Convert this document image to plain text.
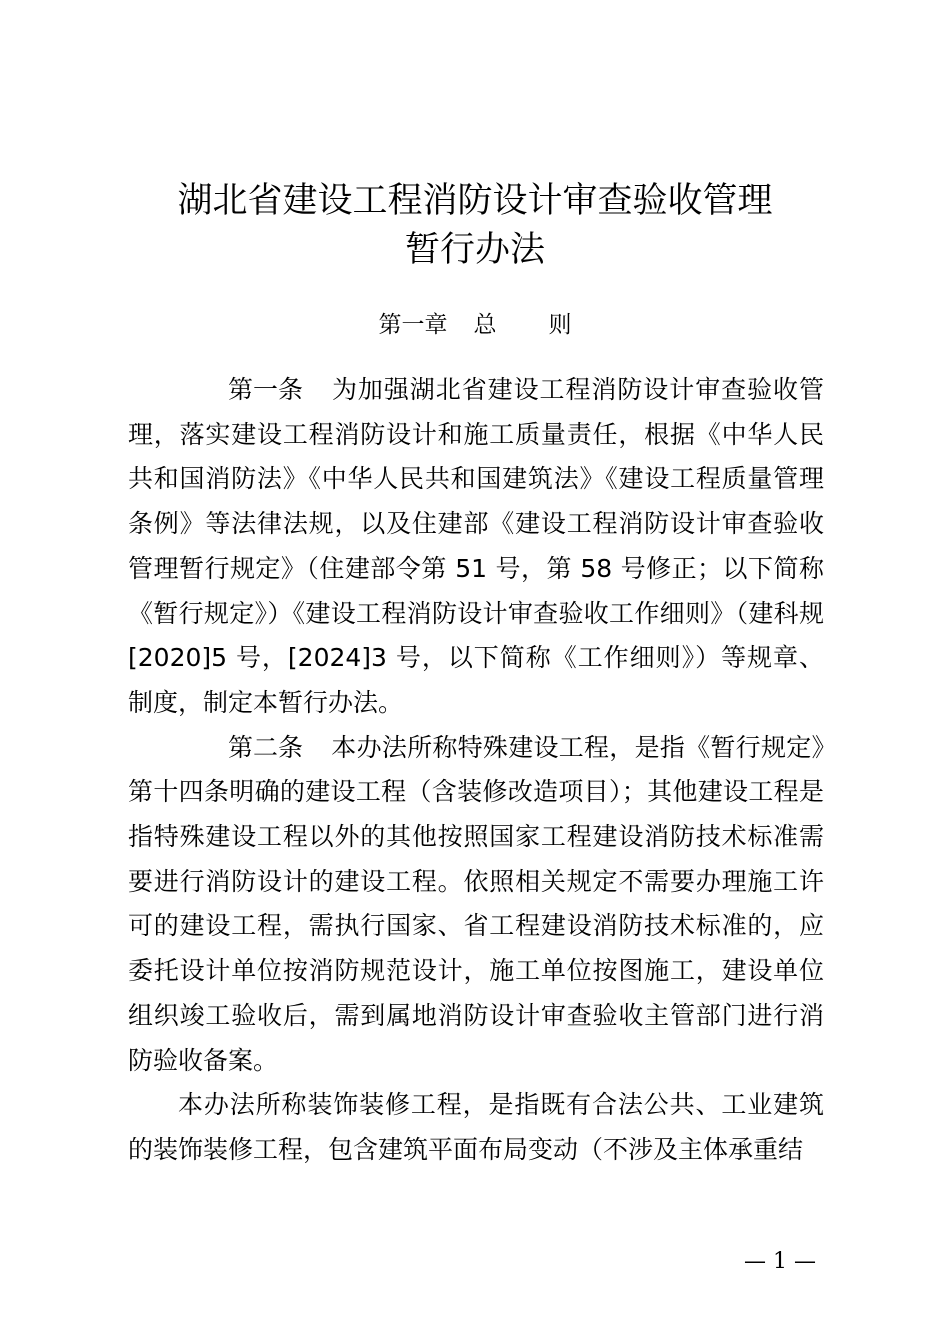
湖北省建设工程消防设计审查验收管理
暂行办法
第一章 总 则

第一条 为加强湖北省建设工程消防设计审查验收管理，落实建设工程消防设计和施工质量责任，根据《中华人民共和国消防法》《中华人民共和国建筑法》《建设工程质量管理条例》等法律法规，以及住建部《建设工程消防设计审查验收管理暂行规定》（住建部令第 51 号，第 58 号修正；以下简称《暂行规定》）《建设工程消防设计审查验收工作细则》（建科规[2020]5 号，[2024]3 号，以下简称《工作细则》）等规章、制度，制定本暂行办法。

第二条 本办法所称特殊建设工程，是指《暂行规定》第十四条明确的建设工程（含装修改造项目）；其他建设工程是指特殊建设工程以外的其他按照国家工程建设消防技术标准需要进行消防设计的建设工程。依照相关规定不需要办理施工许可的建设工程，需执行国家、省工程建设消防技术标准的，应委托设计单位按消防规范设计，施工单位按图施工，建设单位组织竣工验收后，需到属地消防设计审查验收主管部门进行消防验收备案。

本办法所称装饰装修工程，是指既有合法公共、工业建筑的装饰装修工程，包含建筑平面布局变动（不涉及主体承重结

— 1 —
